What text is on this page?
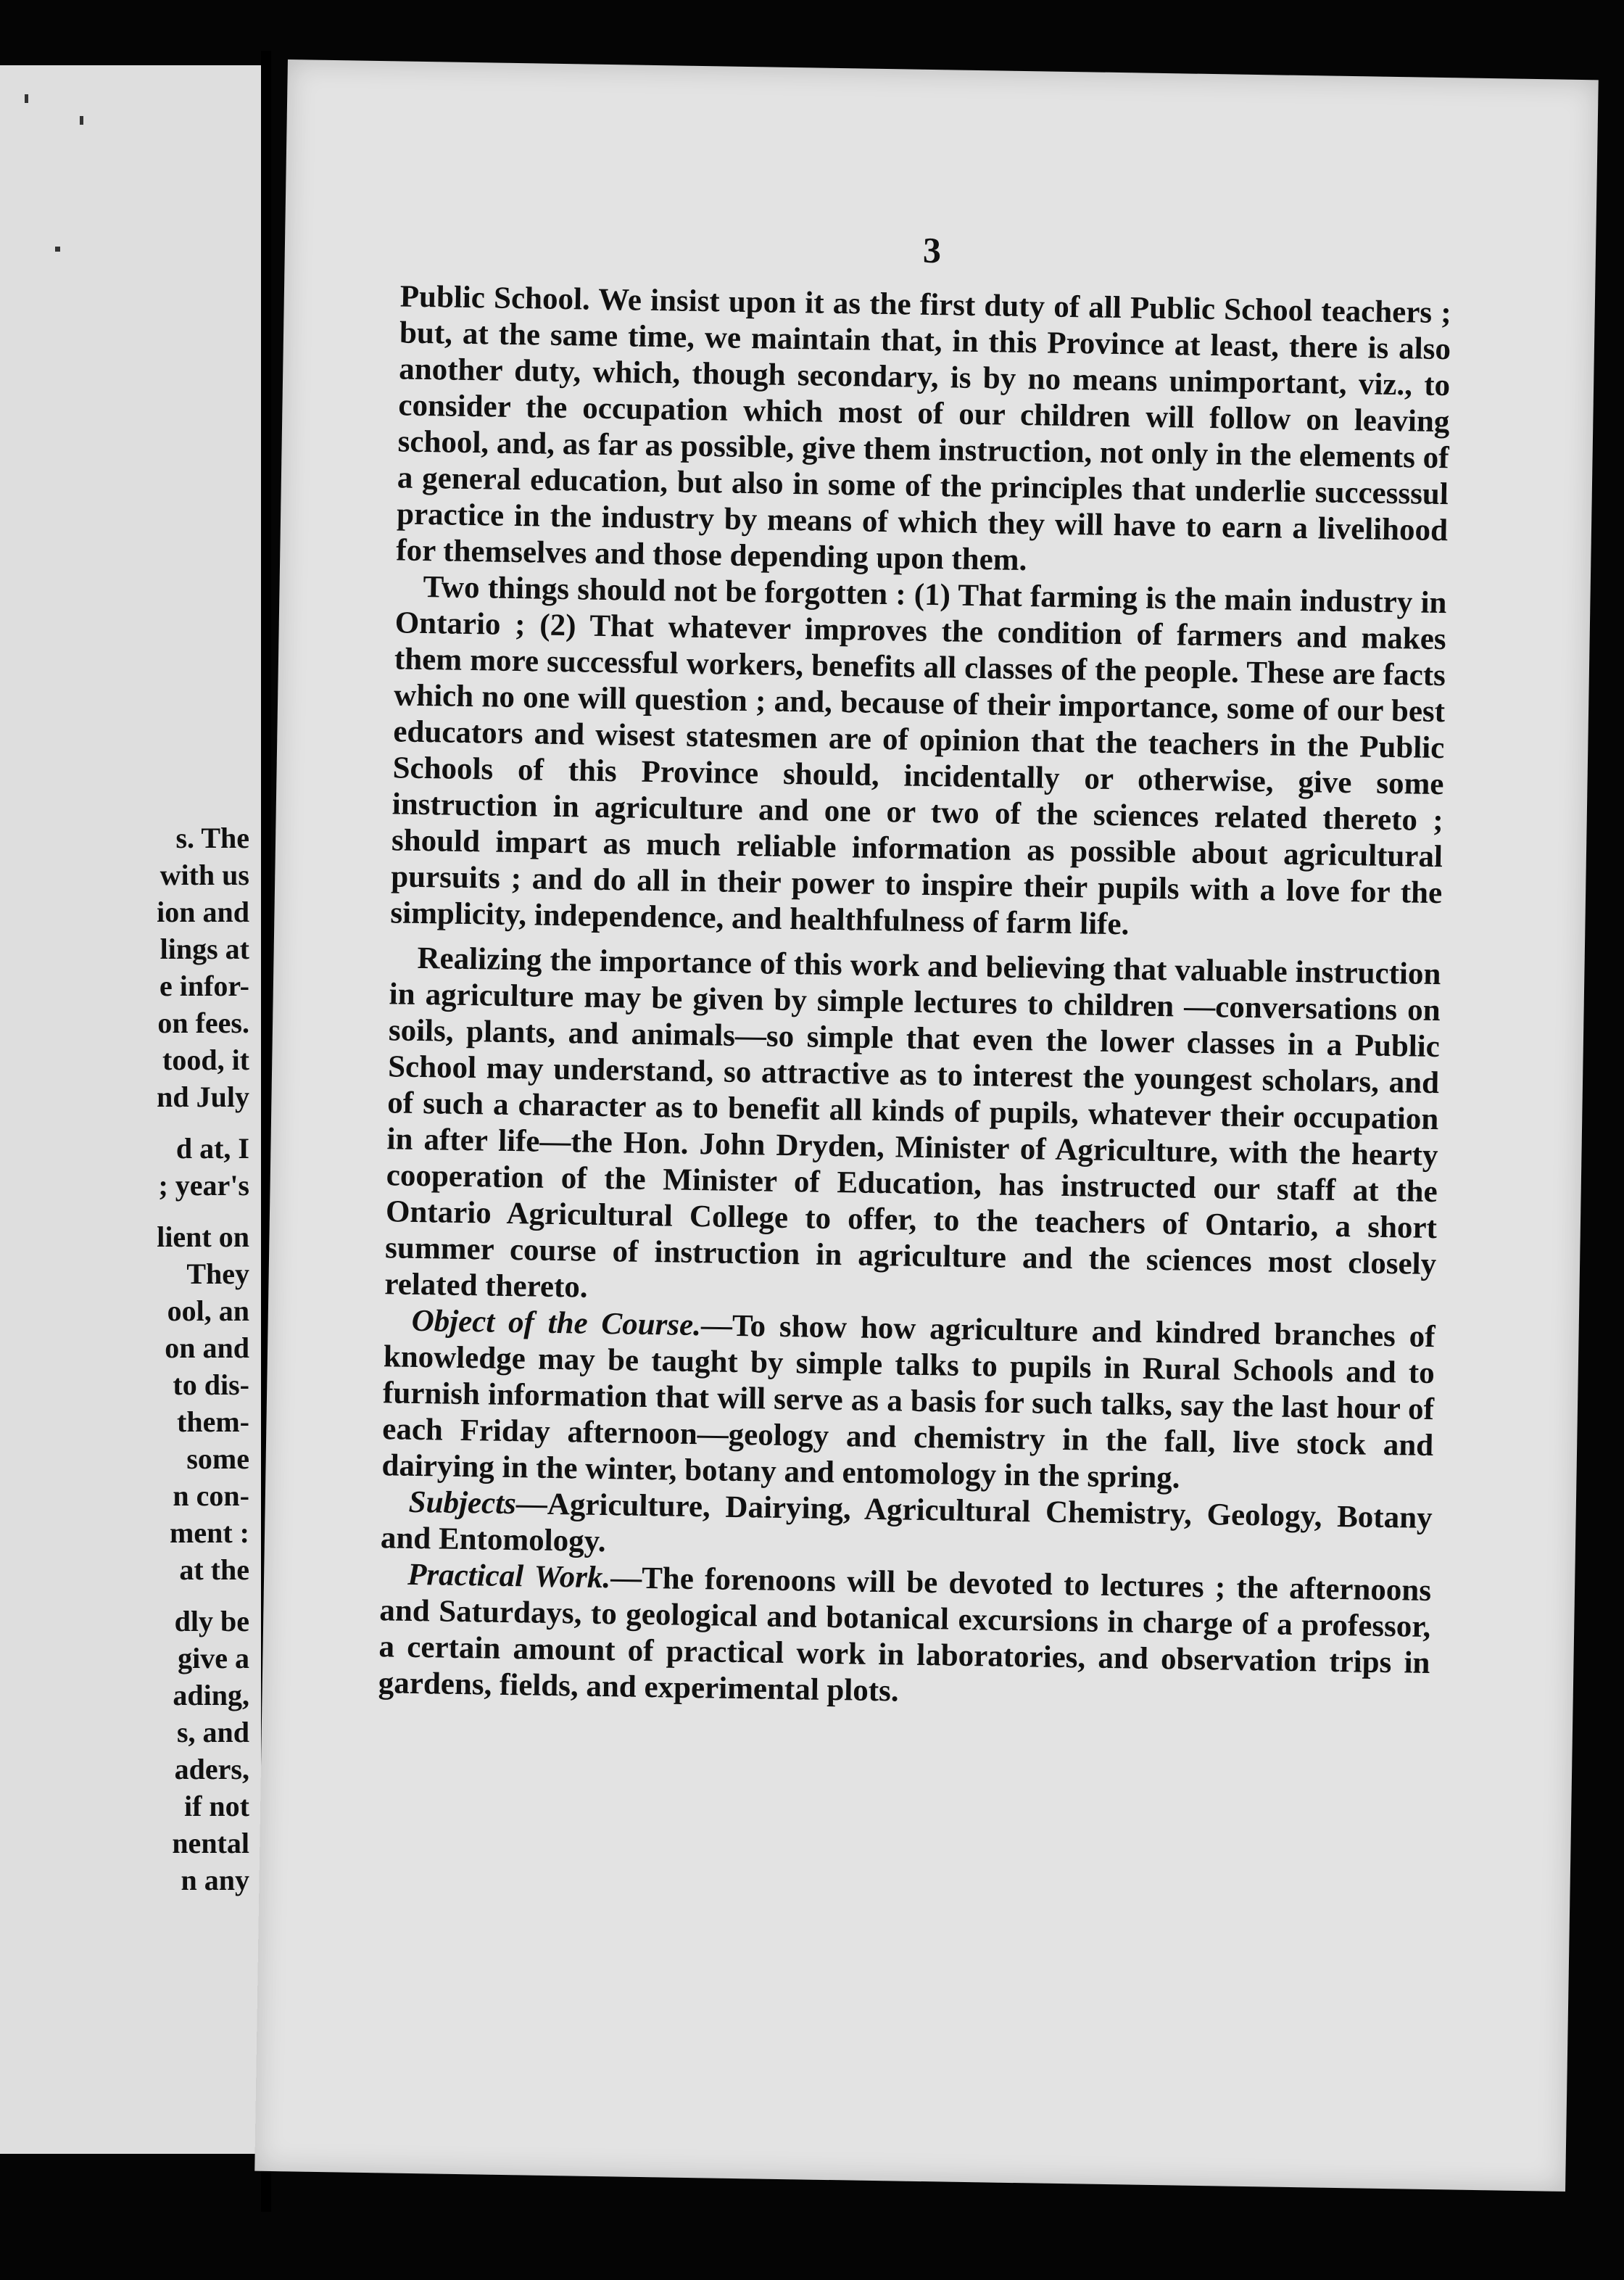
s. The
with us
ion and
lings at
e infor-
on fees.
tood, it
nd July
d at, I
; year's
lient on
They
ool, an
on and
to dis-
them-
some
n con-
ment :
at the
dly be
give a
ading,
s, and
aders,
if not
nental
n any
3

Public School. We insist upon it as the first duty of all Public School teachers ; but, at the same time, we maintain that, in this Province at least, there is also another duty, which, though secondary, is by no means unimportant, viz., to consider the occupation which most of our children will follow on leaving school, and, as far as possible, give them instruction, not only in the elements of a general education, but also in some of the principles that underlie successsul practice in the industry by means of which they will have to earn a livelihood for themselves and those depending upon them.

Two things should not be forgotten : (1) That farming is the main industry in Ontario ; (2) That whatever improves the condition of farmers and makes them more successful workers, benefits all classes of the people. These are facts which no one will question ; and, because of their importance, some of our best educators and wisest statesmen are of opinion that the teachers in the Public Schools of this Province should, incidentally or otherwise, give some instruction in agriculture and one or two of the sciences related thereto ; should impart as much reliable information as possible about agricultural pursuits ; and do all in their power to inspire their pupils with a love for the simplicity, independence, and healthfulness of farm life.

Realizing the importance of this work and believing that valuable instruction in agriculture may be given by simple lectures to children —conversations on soils, plants, and animals—so simple that even the lower classes in a Public School may understand, so attractive as to interest the youngest scholars, and of such a character as to benefit all kinds of pupils, whatever their occupation in after life—the Hon. John Dryden, Minister of Agriculture, with the hearty cooperation of the Minister of Education, has instructed our staff at the Ontario Agricultural College to offer, to the teachers of Ontario, a short summer course of instruction in agriculture and the sciences most closely related thereto.

Object of the Course.—To show how agriculture and kindred branches of knowledge may be taught by simple talks to pupils in Rural Schools and to furnish information that will serve as a basis for such talks, say the last hour of each Friday afternoon—geology and chemistry in the fall, live stock and dairying in the winter, botany and entomology in the spring.

Subjects—Agriculture, Dairying, Agricultural Chemistry, Geology, Botany and Entomology.

Practical Work.—The forenoons will be devoted to lectures ; the afternoons and Saturdays, to geological and botanical excursions in charge of a professor, a certain amount of practical work in laboratories, and observation trips in gardens, fields, and experimental plots.
